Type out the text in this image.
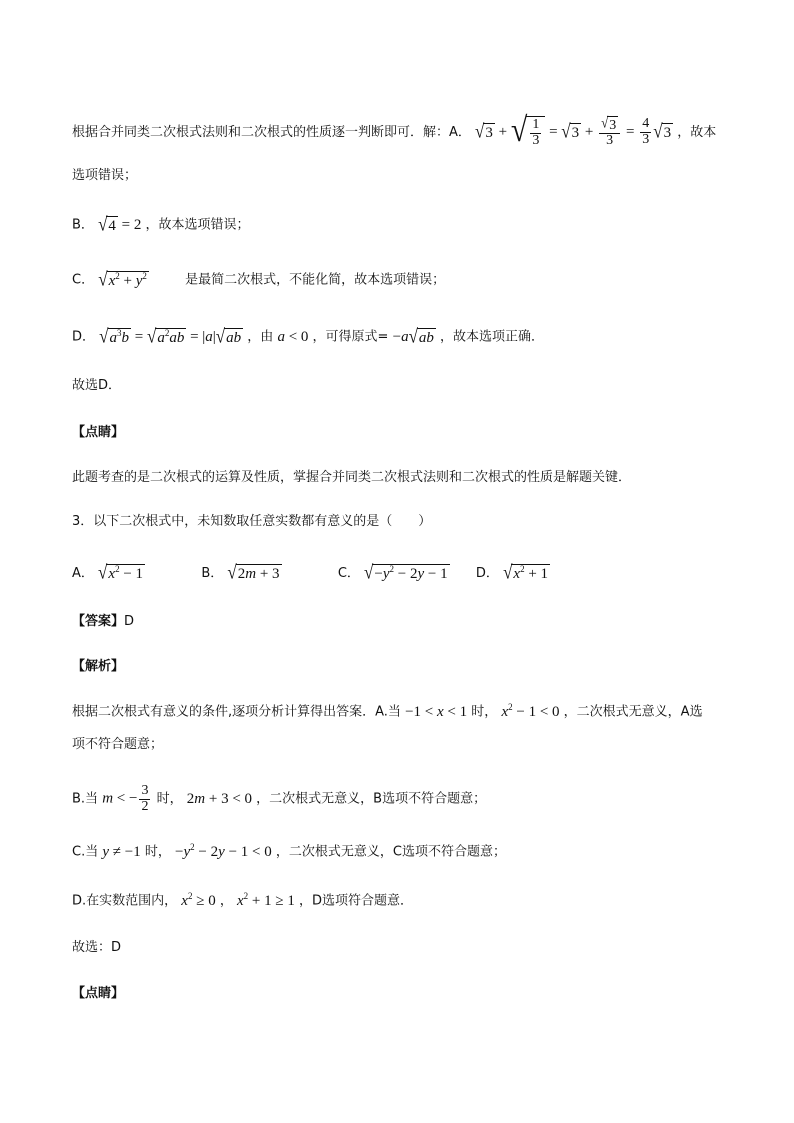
根据合并同类二次根式法则和二次根式的性质逐一判断即可．解：A． √ 3 + √ $\frac{1}{3}$ = √ $3 + \frac{√ 3}{3} = \frac{4}{3}$ √ 3 ，故本
选项错误；
B． √ 4 = 2 ，故本选项错误；
C． √ $x^2 + y^2$	是最简二次根式，不能化简，故本选项错误；
D． √ $a^3b$ = √ $a^2ab = |a|$ √ ab ，由 a < 0 ，可得原式= −a √ ab ，故本选项正确．
故选D．
【点睛】
此题考查的是二次根式的运算及性质，掌握合并同类二次根式法则和二次根式的性质是解题关键．
3．以下二次根式中，未知数取任意实数都有意义的是（　　）
A． √ $x^2 - 1$	B． √ 2m + 3	C． √ $-y^2 - 2y - 1$ D． √ $x^2 + 1$
【答案】D
【解析】
根据二次根式有意义的条件,逐项分析计算得出答案．A.当 −1 < x < 1 时， $x^2 - 1 < 0$ ，二次根式无意义，A选
项不符合题意；
B.当 m < − $\frac{3}{2}$ 时， 2m + 3 < 0 ，二次根式无意义，B选项不符合题意；
C.当 y ≠ −1 时， $-y^2 - 2y - 1 < 0$ ，二次根式无意义，C选项不符合题意；
D.在实数范围内， $x^2 \ge 0$ ， $x^2 + 1 \ge 1$ ，D选项符合题意．
故选：D
【点睛】
